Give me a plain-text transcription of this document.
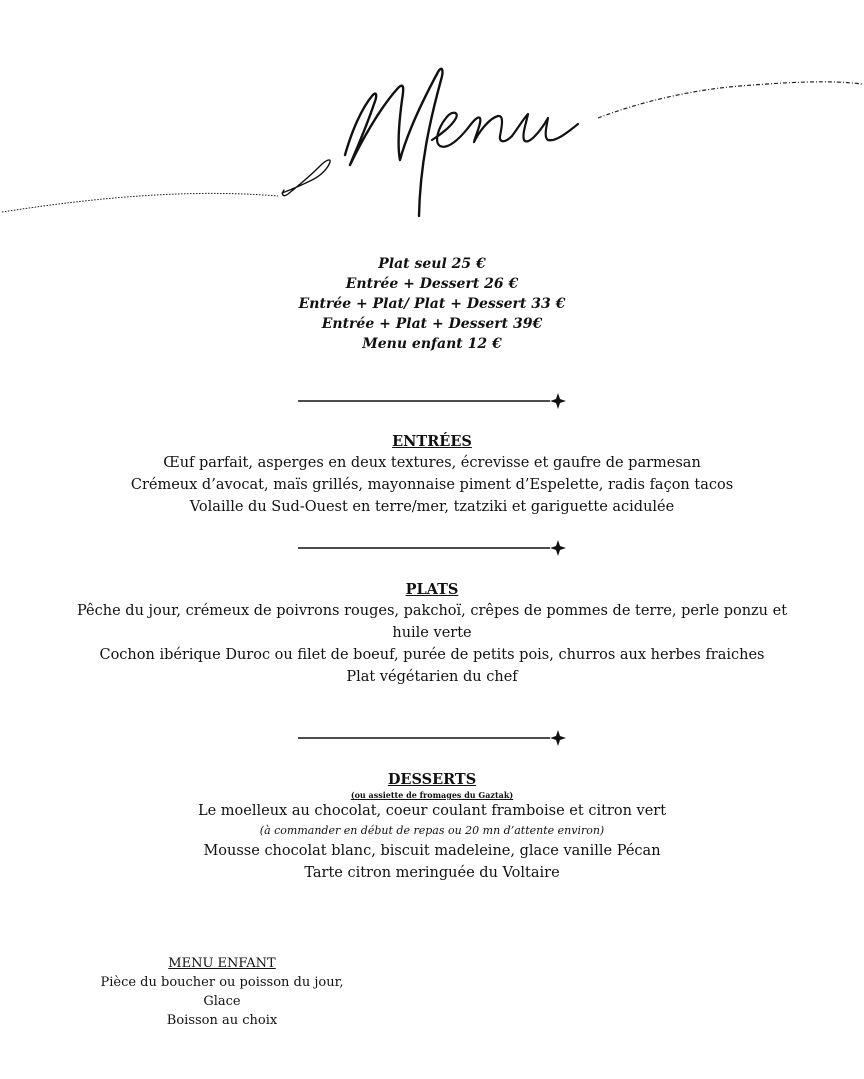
Plat seul 25 €
Entrée + Dessert 26 €
Entrée + Plat/ Plat + Dessert 33 €
Entrée + Plat + Dessert 39€
Menu enfant 12 €
ENTRÉES
Œuf parfait, asperges en deux textures, écrevisse et gaufre de parmesan
Crémeux d’avocat, maïs grillés, mayonnaise piment d’Espelette, radis façon tacos
Volaille du Sud-Ouest en terre/mer, tzatziki et gariguette acidulée
PLATS
Pêche du jour, crémeux de poivrons rouges, pakchoï, crêpes de pommes de terre, perle ponzu et huile verte
Cochon ibérique Duroc ou filet de boeuf, purée de petits pois, churros aux herbes fraiches
Plat végétarien du chef
DESSERTS
(ou assiette de fromages du Gaztak)
Le moelleux au chocolat, coeur coulant framboise et citron vert
(à commander en début de repas ou 20 mn d’attente environ)
Mousse chocolat blanc, biscuit madeleine, glace vanille Pécan
Tarte citron meringuée du Voltaire
MENU ENFANT
Pièce du boucher ou poisson du jour,
Glace
Boisson au choix
